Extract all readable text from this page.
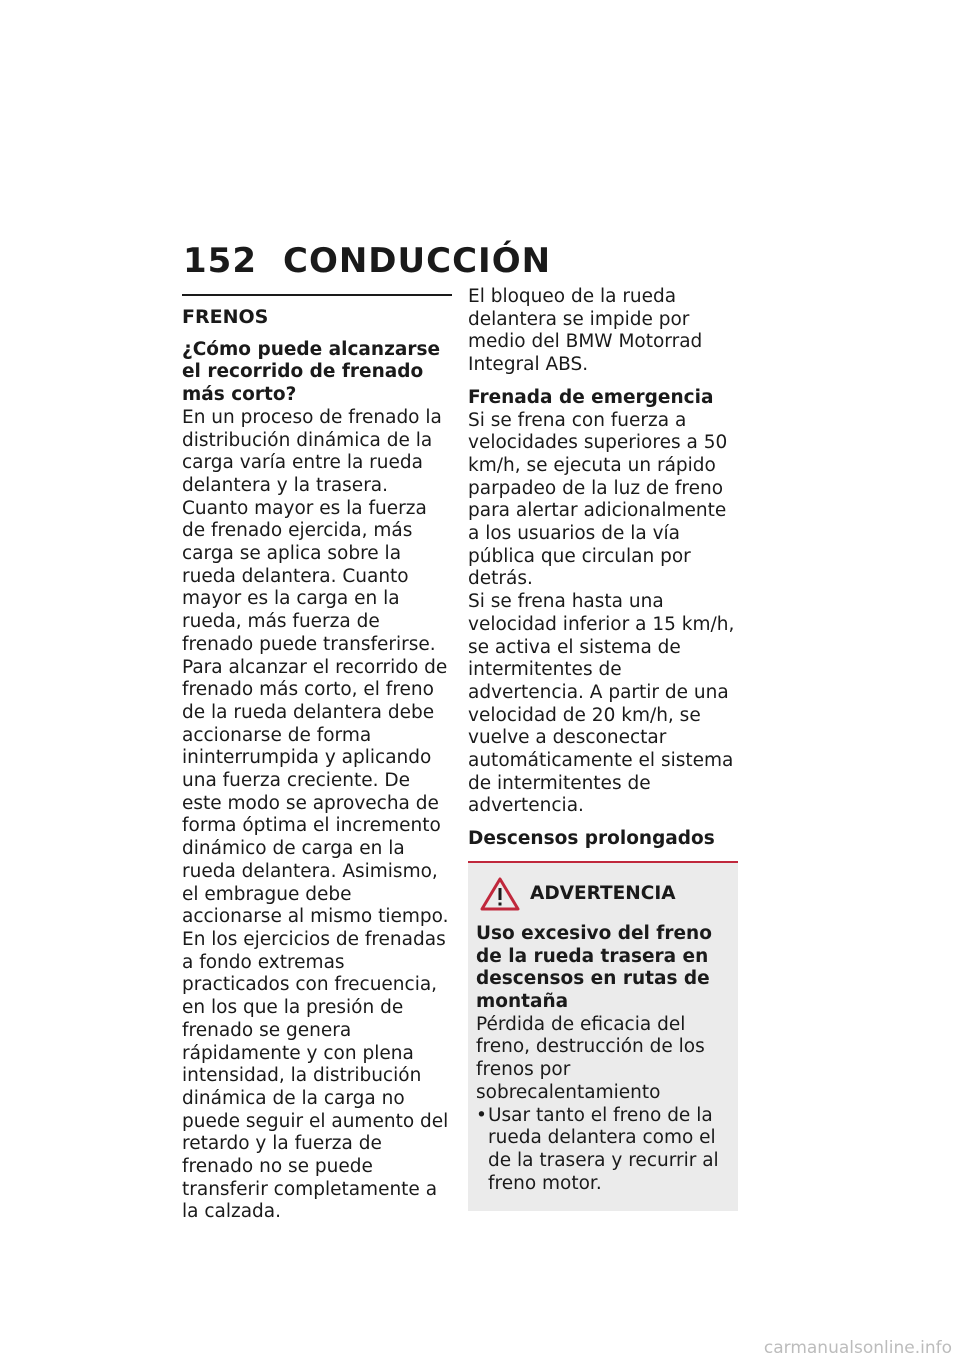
152 CONDUCCIÓN
FRENOS
¿Cómo puede alcanzarse el recorrido de frenado más corto?

En un proceso de frenado la distribución dinámica de la carga varía entre la rueda delantera y la trasera. Cuanto mayor es la fuerza de frenado ejercida, más carga se aplica sobre la rueda delantera. Cuanto mayor es la carga en la rueda, más fuerza de frenado puede transferirse.

Para alcanzar el recorrido de frenado más corto, el freno de la rueda delantera debe accionarse de forma ininterrumpida y aplicando una fuerza creciente. De este modo se aprovecha de forma óptima el incremento dinámico de carga en la rueda delantera. Asimismo, el embrague debe accionarse al mismo tiempo. En los ejercicios de frenadas a fondo extremas practicados con frecuencia, en los que la presión de frenado se genera rápidamente y con plena intensidad, la distribución dinámica de la carga no puede seguir el aumento del retardo y la fuerza de frenado no se puede transferir completamente a la calzada.

El bloqueo de la rueda delantera se impide por medio del BMW Motorrad Integral ABS.

Frenada de emergencia

Si se frena con fuerza a velocidades superiores a 50 km/h, se ejecuta un rápido parpadeo de la luz de freno para alertar adicionalmente a los usuarios de la vía pública que circulan por detrás.

Si se frena hasta una velocidad inferior a 15 km/h, se activa el sistema de intermitentes de advertencia. A partir de una velocidad de 20 km/h, se vuelve a desconectar automáticamente el sistema de intermitentes de advertencia.

Descensos prolongados
ADVERTENCIA
Uso excesivo del freno de la rueda trasera en descensos en rutas de montaña

Pérdida de eficacia del freno, destrucción de los frenos por sobrecalentamiento

• Usar tanto el freno de la rueda delantera como el de la trasera y recurrir al freno motor.
carmanualsonline.info
